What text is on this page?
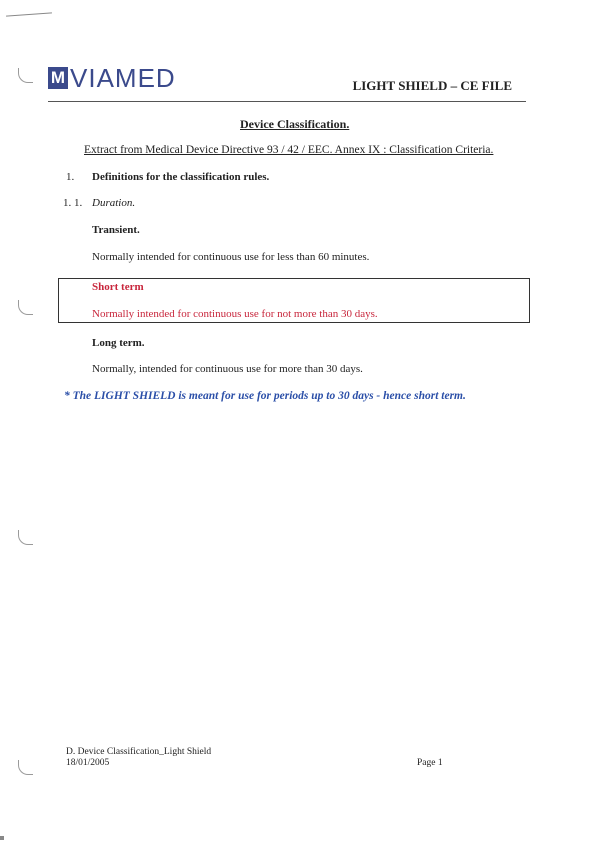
M VIAMED	LIGHT SHIELD – CE FILE
Device Classification.
Extract from Medical Device Directive 93 / 42 / EEC. Annex IX : Classification Criteria.
1. Definitions for the classification rules.
1. 1. Duration.
Transient.
Normally intended for continuous use for less than 60 minutes.
Short term
Normally intended for continuous use for not more than 30 days.
Long term.
Normally, intended for continuous use for more than 30 days.
* The LIGHT SHIELD is meant for use for periods up to 30 days - hence short term.
D. Device Classification_Light Shield
18/01/2005	Page 1
